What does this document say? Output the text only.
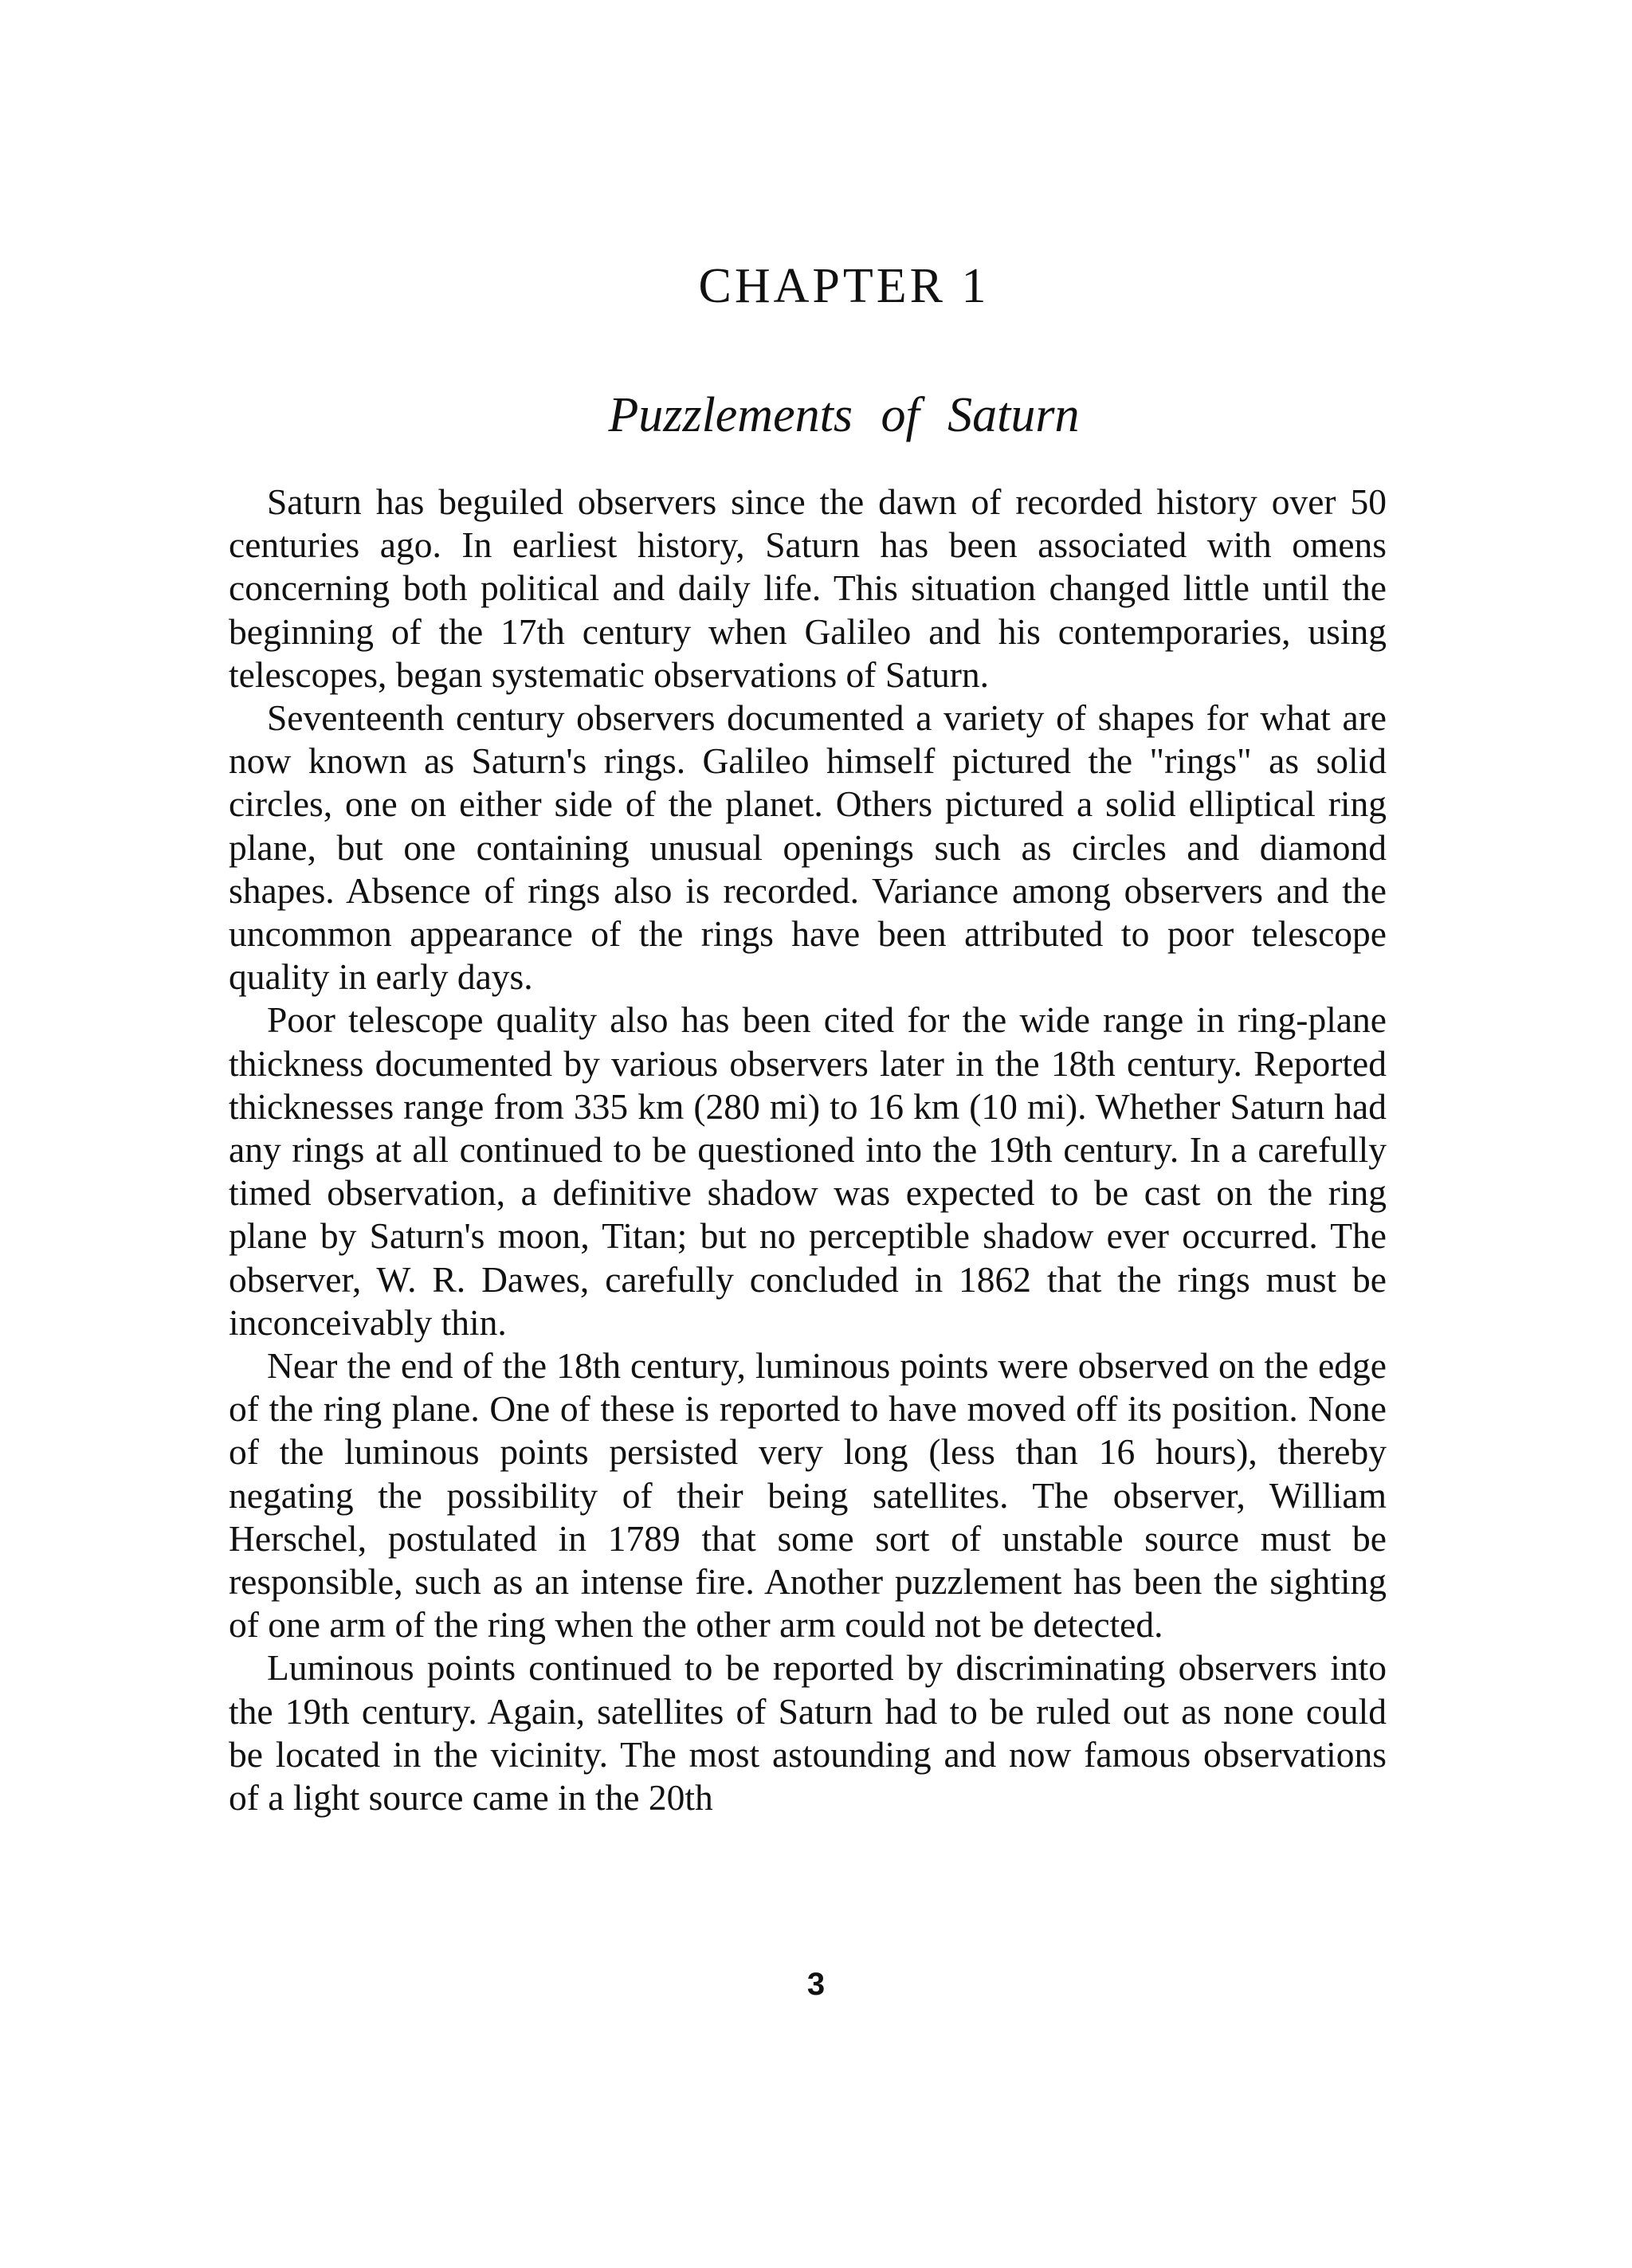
CHAPTER 1
Puzzlements of Saturn

Saturn has beguiled observers since the dawn of recorded history over 50 centuries ago. In earliest history, Saturn has been associated with omens concerning both political and daily life. This situation changed little until the beginning of the 17th century when Galileo and his contemporaries, using telescopes, began systematic observations of Saturn.

Seventeenth century observers documented a variety of shapes for what are now known as Saturn's rings. Galileo himself pictured the "rings" as solid circles, one on either side of the planet. Others pictured a solid elliptical ring plane, but one containing unusual openings such as circles and diamond shapes. Absence of rings also is recorded. Variance among observers and the uncommon appearance of the rings have been attributed to poor telescope quality in early days.

Poor telescope quality also has been cited for the wide range in ring-plane thickness documented by various observers later in the 18th century. Reported thicknesses range from 335 km (280 mi) to 16 km (10 mi). Whether Saturn had any rings at all continued to be questioned into the 19th century. In a carefully timed observation, a definitive shadow was expected to be cast on the ring plane by Saturn's moon, Titan; but no perceptible shadow ever occurred. The observer, W. R. Dawes, carefully concluded in 1862 that the rings must be inconceivably thin.

Near the end of the 18th century, luminous points were observed on the edge of the ring plane. One of these is reported to have moved off its position. None of the luminous points persisted very long (less than 16 hours), thereby negating the possibility of their being satellites. The observer, William Herschel, postulated in 1789 that some sort of unstable source must be responsible, such as an intense fire. Another puzzlement has been the sighting of one arm of the ring when the other arm could not be detected.

Luminous points continued to be reported by discriminating observers into the 19th century. Again, satellites of Saturn had to be ruled out as none could be located in the vicinity. The most astounding and now famous observations of a light source came in the 20th

3
